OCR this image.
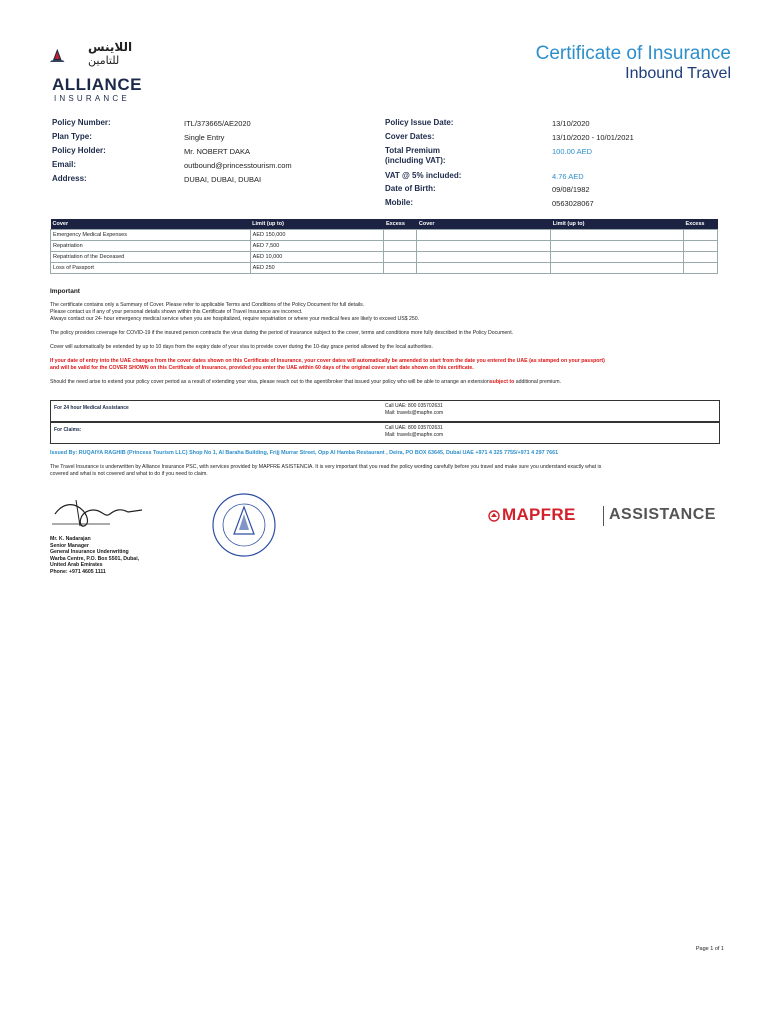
اللاينس
للتامين
ALLIANCE
INSURANCE
Certificate of Insurance
Inbound Travel
Policy Number:	ITL/373665/AE2020
Plan Type:	Single Entry
Policy Holder:	Mr. NOBERT DAKA
Email:	outbound@princesstourism.com
Address:	DUBAI, DUBAI, DUBAI
Policy Issue Date:	13/10/2020
Cover Dates:	13/10/2020 - 10/01/2021
Total Premium
(including VAT):
100.00 AED
VAT @ 5% included:	4.76 AED
Date of Birth:	09/08/1982
Mobile:	0563028067
Cover	Limit (up to)	Excess	Cover	Limit (up to)	Excess
Emergency Medical Expenses	AED 150,000				
Repatriation	AED 7,500				
Repatriation of the Deceased	AED 10,000				
Loss of Passport	AED 250				
Important
The certificate contains only a Summary of Cover. Please refer to applicable Terms and Conditions of the Policy Document for full details.
Please contact us if any of your personal details shown within this Certificate of Travel Insurance are incorrect.
Always contact our 24- hour emergency medical service when you are hospitalized, require repatriation or where your medical fees are likely to exceed US$ 250.
The policy provides coverage for COVID-19 if the insured person contracts the virus during the period of insurance subject to the cover, terms and conditions more fully described in the Policy Document.
Cover will automatically be extended by up to 10 days from the expiry date of your visa to provide cover during the 10-day grace period allowed by the local authorities.
If your date of entry into the UAE changes from the cover dates shown on this Certificate of Insurance, your cover dates will automatically be amended to start from the date you entered the UAE (as stamped on your passport)
and will be valid for the COVER SHOWN on this Certificate of Insurance, provided you enter the UAE within 60 days of the original cover start date shown on this certificate.
Should the need arise to extend your policy cover period as a result of extending your visa, please reach out to the agent/broker that issued your policy who will be able to arrange an extensionsubject to additional premium.
For 24 hour Medical Assistance	Call UAE: 800 035702631
Mail: travels@mapfre.com
For Claims:	Call UAE: 800 035702631
Mail: travels@mapfre.com
Issued By: RUQAIYA RAGHIB (Princess Tourism LLC) Shop No 1, Al Baraha Building, Frijj Murrar Street, Opp Al Hamba Restaurant , Deira, PO BOX 63645, Dubai UAE +971 4 325 7755/+971 4 297 7661
The Travel Insurance is underwritten by Alliance Insurance PSC, with services provided by MAPFRE ASISTENCIA. It is very important that you read the policy wording carefully before you travel and make sure you understand exactly what is
covered and what is not covered and what to do if you need to claim.
Mr. K. Nadarajan
Senior Manager
General Insurance Underwriting
Warba Centre, P.O. Box 5501, Dubai,
United Arab Emirates
Phone: +971 4605 1111
MAPFRE ASSISTANCE
Page 1 of 1
